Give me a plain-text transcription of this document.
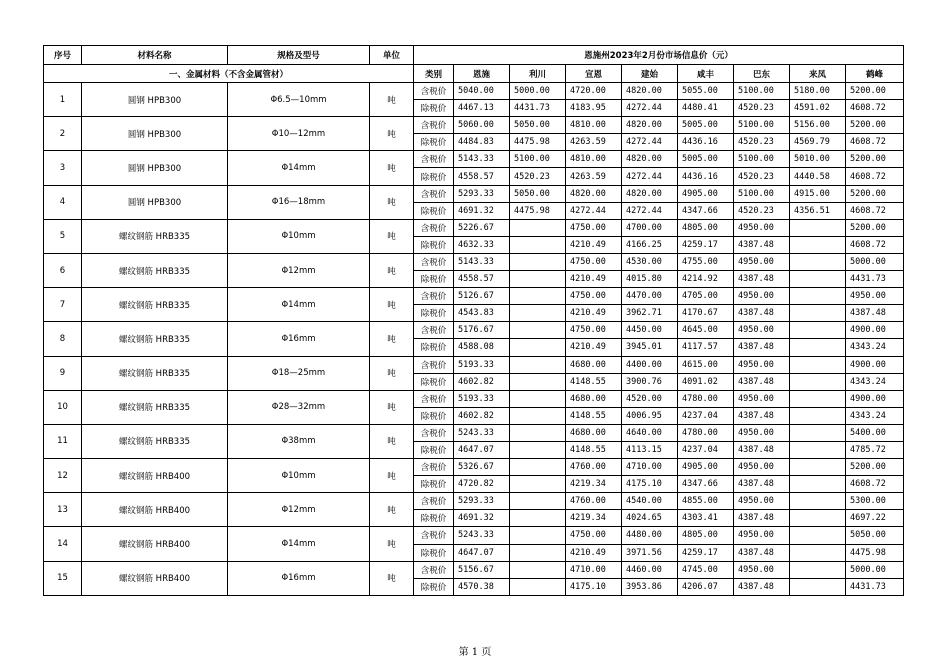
序号	材料名称	规格及型号	单位	恩施州2023年2月份市场信息价（元）								
一、金属材料（不含金属管材）				类别	恩施	利川	宣恩	建始	咸丰	巴东	来凤	鹤峰
1	圆钢 HPB300	Φ6.5—10mm	吨	含税价	5040.00	5000.00	4720.00	4820.00	5055.00	5100.00	5180.00	5200.00
				除税价	4467.13	4431.73	4183.95	4272.44	4480.41	4520.23	4591.02	4608.72
2	圆钢 HPB300	Φ10—12mm	吨	含税价	5060.00	5050.00	4810.00	4820.00	5005.00	5100.00	5156.00	5200.00
				除税价	4484.83	4475.98	4263.59	4272.44	4436.16	4520.23	4569.79	4608.72
3	圆钢 HPB300	Φ14mm	吨	含税价	5143.33	5100.00	4810.00	4820.00	5005.00	5100.00	5010.00	5200.00
				除税价	4558.57	4520.23	4263.59	4272.44	4436.16	4520.23	4440.58	4608.72
4	圆钢 HPB300	Φ16—18mm	吨	含税价	5293.33	5050.00	4820.00	4820.00	4905.00	5100.00	4915.00	5200.00
				除税价	4691.32	4475.98	4272.44	4272.44	4347.66	4520.23	4356.51	4608.72
5	螺纹钢筋 HRB335	Φ10mm	吨	含税价	5226.67		4750.00	4700.00	4805.00	4950.00		5200.00
				除税价	4632.33		4210.49	4166.25	4259.17	4387.48		4608.72
6	螺纹钢筋 HRB335	Φ12mm	吨	含税价	5143.33		4750.00	4530.00	4755.00	4950.00		5000.00
				除税价	4558.57		4210.49	4015.80	4214.92	4387.48		4431.73
7	螺纹钢筋 HRB335	Φ14mm	吨	含税价	5126.67		4750.00	4470.00	4705.00	4950.00		4950.00
				除税价	4543.83		4210.49	3962.71	4170.67	4387.48		4387.48
8	螺纹钢筋 HRB335	Φ16mm	吨	含税价	5176.67		4750.00	4450.00	4645.00	4950.00		4900.00
				除税价	4588.08		4210.49	3945.01	4117.57	4387.48		4343.24
9	螺纹钢筋 HRB335	Φ18—25mm	吨	含税价	5193.33		4680.00	4400.00	4615.00	4950.00		4900.00
				除税价	4602.82		4148.55	3900.76	4091.02	4387.48		4343.24
10	螺纹钢筋 HRB335	Φ28—32mm	吨	含税价	5193.33		4680.00	4520.00	4780.00	4950.00		4900.00
				除税价	4602.82		4148.55	4006.95	4237.04	4387.48		4343.24
11	螺纹钢筋 HRB335	Φ38mm	吨	含税价	5243.33		4680.00	4640.00	4780.00	4950.00		5400.00
				除税价	4647.07		4148.55	4113.15	4237.04	4387.48		4785.72
12	螺纹钢筋 HRB400	Φ10mm	吨	含税价	5326.67		4760.00	4710.00	4905.00	4950.00		5200.00
				除税价	4720.82		4219.34	4175.10	4347.66	4387.48		4608.72
13	螺纹钢筋 HRB400	Φ12mm	吨	含税价	5293.33		4760.00	4540.00	4855.00	4950.00		5300.00
				除税价	4691.32		4219.34	4024.65	4303.41	4387.48		4697.22
14	螺纹钢筋 HRB400	Φ14mm	吨	含税价	5243.33		4750.00	4480.00	4805.00	4950.00		5050.00
				除税价	4647.07		4210.49	3971.56	4259.17	4387.48		4475.98
15	螺纹钢筋 HRB400	Φ16mm	吨	含税价	5156.67		4710.00	4460.00	4745.00	4950.00		5000.00
				除税价	4570.38		4175.10	3953.86	4206.07	4387.48		4431.73
第 1 页
